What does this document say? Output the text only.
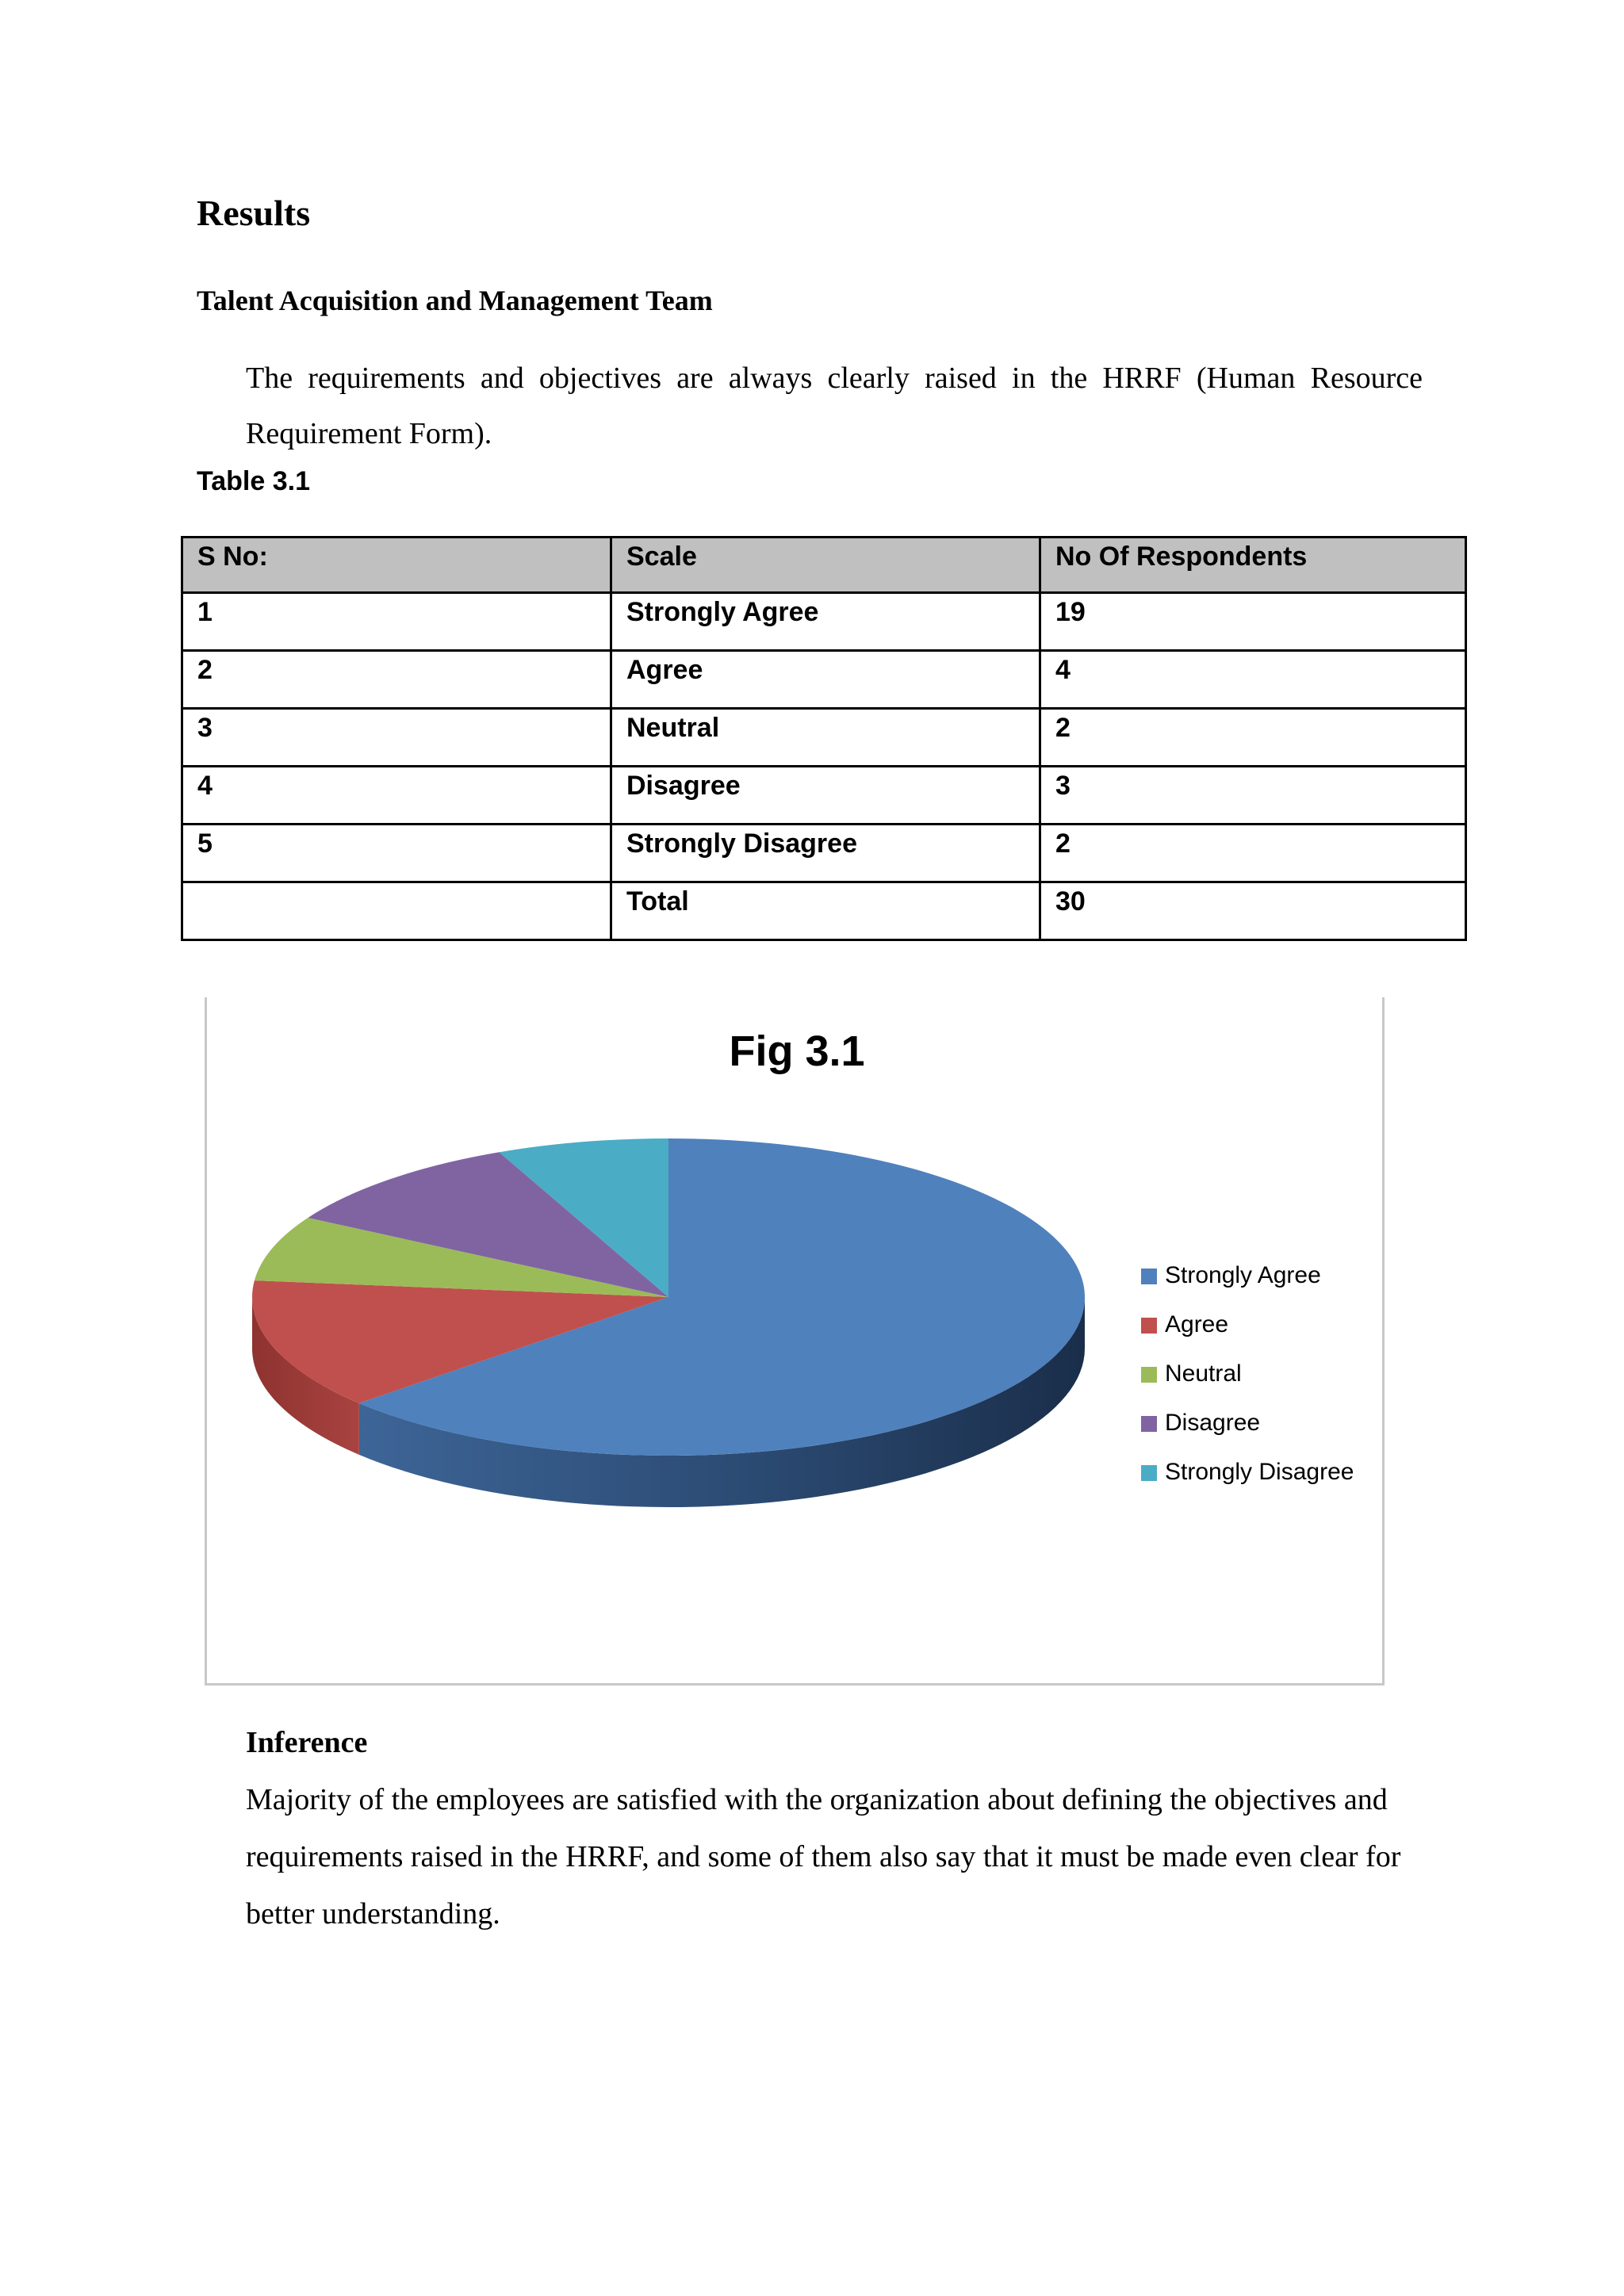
Results
Talent Acquisition and Management Team

The requirements and objectives are always clearly raised in the HRRF (Human Resource Requirement Form).

Table 3.1
S No:	Scale	No Of Respondents
1	Strongly Agree	19
2	Agree	4
3	Neutral	2
4	Disagree	3
5	Strongly Disagree	2
	Total	30
Fig 3.1
Strongly Agree
Agree
Neutral
Disagree
Strongly Disagree
Inference

Majority of the employees are satisfied with the organization about defining the objectives and requirements raised in the HRRF, and some of them also say that it must be made even clear for better understanding.
